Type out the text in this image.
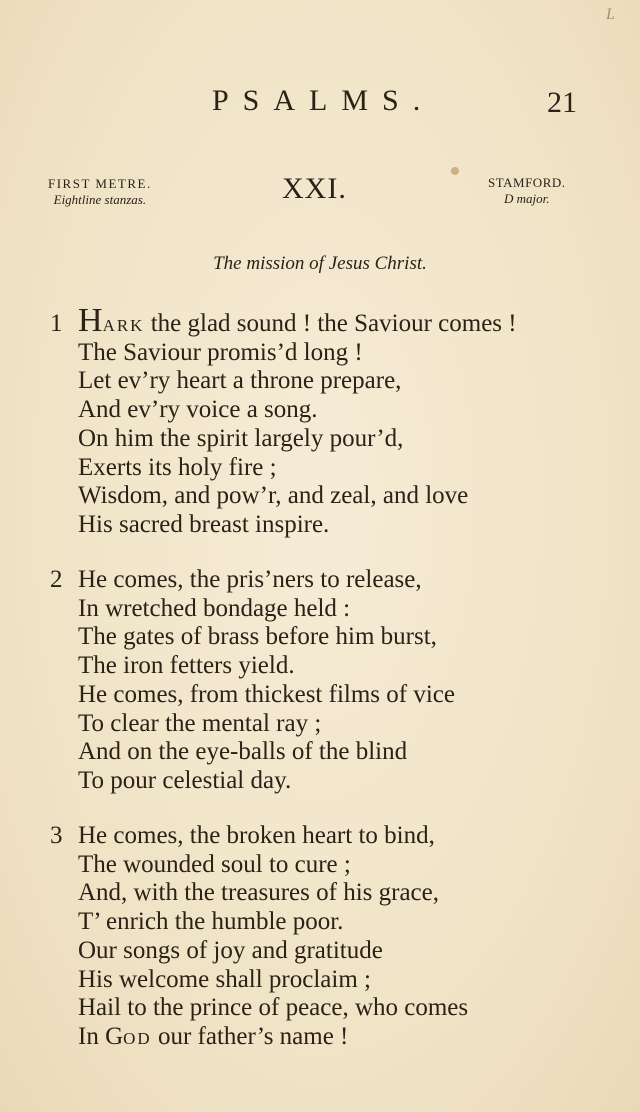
L
PSALMS.	21
FIRST METRE.
Eightline stanzas.	XXI.	STAMFORD.
D major.
The mission of Jesus Christ.
1 HARK the glad sound ! the Saviour comes !
The Saviour promis’d long !
Let ev’ry heart a throne prepare,
And ev’ry voice a song.
On him the spirit largely pour’d,
Exerts its holy fire ;
Wisdom, and pow’r, and zeal, and love
His sacred breast inspire.
2 He comes, the pris’ners to release,
In wretched bondage held :
The gates of brass before him burst,
The iron fetters yield.
He comes, from thickest films of vice
To clear the mental ray ;
And on the eye-balls of the blind
To pour celestial day.
3 He comes, the broken heart to bind,
The wounded soul to cure ;
And, with the treasures of his grace,
T’ enrich the humble poor.
Our songs of joy and gratitude
His welcome shall proclaim ;
Hail to the prince of peace, who comes
In GOD our father’s name !
